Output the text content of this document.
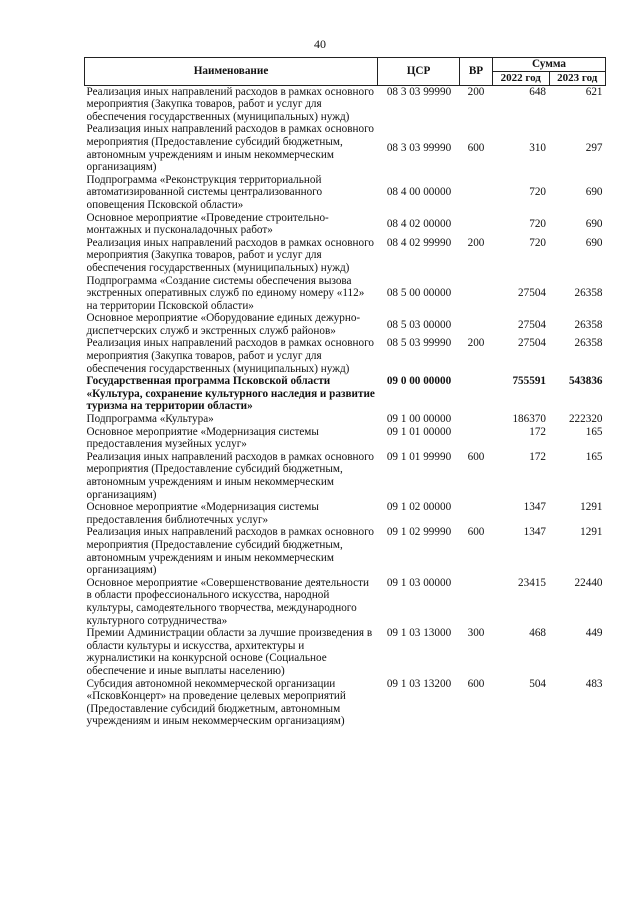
40
Наименование	ЦСР	ВР	Сумма	
			2022 год	2023 год
Реализация иных направлений расходов в рамках основного мероприятия (Закупка товаров, работ и услуг для обеспечения государственных (муниципальных) нужд)	08 3 03 99990	200	648	621
Реализация иных направлений расходов в рамках основного мероприятия (Предоставление субсидий бюджетным, автономным учреждениям и иным некоммерческим организациям)	08 3 03 99990	600	310	297
Подпрограмма «Реконструкция территориальной автоматизированной системы централизованного оповещения Псковской области»	08 4 00 00000		720	690
Основное мероприятие «Проведение строительно-монтажных и пусконаладочных работ»	08 4 02 00000		720	690
Реализация иных направлений расходов в рамках основного мероприятия (Закупка товаров, работ и услуг для обеспечения государственных (муниципальных) нужд)	08 4 02 99990	200	720	690
Подпрограмма «Создание системы обеспечения вызова экстренных оперативных служб по единому номеру «112» на территории Псковской области»	08 5 00 00000		27504	26358
Основное мероприятие «Оборудование единых дежурно-диспетчерских служб и экстренных служб районов»	08 5 03 00000		27504	26358
Реализация иных направлений расходов в рамках основного мероприятия (Закупка товаров, работ и услуг для обеспечения государственных (муниципальных) нужд)	08 5 03 99990	200	27504	26358
Государственная программа Псковской области «Культура, сохранение культурного наследия и развитие туризма на территории области»	09 0 00 00000		755591	543836
Подпрограмма «Культура»	09 1 00 00000		186370	222320
Основное мероприятие «Модернизация системы предоставления музейных услуг»	09 1 01 00000		172	165
Реализация иных направлений расходов в рамках основного мероприятия (Предоставление субсидий бюджетным, автономным учреждениям и иным некоммерческим организациям)	09 1 01 99990	600	172	165
Основное мероприятие «Модернизация системы предоставления библиотечных услуг»	09 1 02 00000		1347	1291
Реализация иных направлений расходов в рамках основного мероприятия (Предоставление субсидий бюджетным, автономным учреждениям и иным некоммерческим организациям)	09 1 02 99990	600	1347	1291
Основное мероприятие «Совершенствование деятельности в области профессионального искусства, народной культуры, самодеятельного творчества, международного культурного сотрудничества»	09 1 03 00000		23415	22440
Премии Администрации области за лучшие произведения в области культуры и искусства, архитектуры и журналистики на конкурсной основе (Социальное обеспечение и иные выплаты населению)	09 1 03 13000	300	468	449
Субсидия автономной некоммерческой организации «ПсковКонцерт» на проведение целевых мероприятий (Предоставление субсидий бюджетным, автономным учреждениям и иным некоммерческим организациям)	09 1 03 13200	600	504	483
